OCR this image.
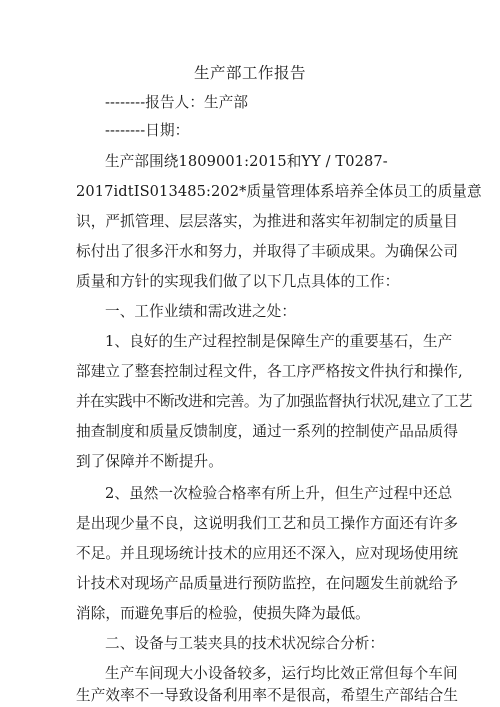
生产部工作报告
--------报告人：生产部
--------日期：
生产部围绕1809001:2015和YY / T0287-
2017idtIS013485:202*质量管理体系培养全体员工的质量意
识，严抓管理、层层落实，为推进和落实年初制定的质量目
标付出了很多汗水和努力，并取得了丰硕成果。为确保公司
质量和方针的实现我们做了以下几点具体的工作：
一、工作业绩和需改进之处：
1、良好的生产过程控制是保障生产的重要基石，生产
部建立了整套控制过程文件，各工序严格按文件执行和操作,
并在实践中不断改进和完善。为了加强监督执行状况,建立了工艺
抽查制度和质量反馈制度，通过一系列的控制使产品品质得
到了保障并不断提升。
2、虽然一次检验合格率有所上升，但生产过程中还总
是出现少量不良，这说明我们工艺和员工操作方面还有许多
不足。并且现场统计技术的应用还不深入，应对现场使用统
计技术对现场产品质量进行预防监控，在问题发生前就给予
消除，而避免事后的检验，使损失降为最低。
二、设备与工装夹具的技术状况综合分析：
生产车间现大小设备较多，运行均比效正常但每个车间
生产效率不一导致设备利用率不是很高，希望生产部结合生
